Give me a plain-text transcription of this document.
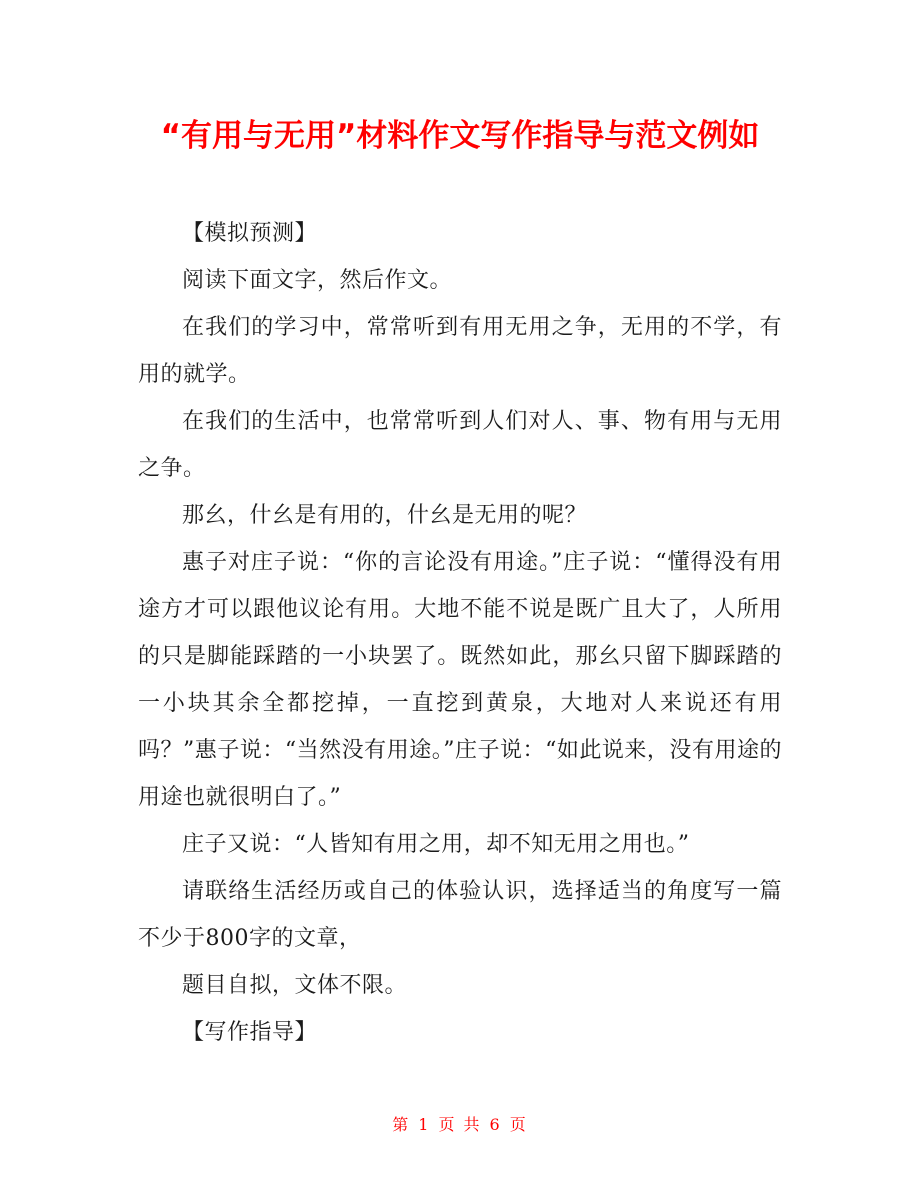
“有用与无用”材料作文写作指导与范文例如

【模拟预测】

阅读下面文字，然后作文。

在我们的学习中，常常听到有用无用之争，无用的不学，有用的就学。

在我们的生活中，也常常听到人们对人、事、物有用与无用之争。

那幺，什幺是有用的，什幺是无用的呢？

惠子对庄子说：“你的言论没有用途。”庄子说：“懂得没有用途方才可以跟他议论有用。大地不能不说是既广且大了，人所用的只是脚能踩踏的一小块罢了。既然如此，那幺只留下脚踩踏的一小块其余全都挖掉，一直挖到黄泉，大地对人来说还有用吗？”惠子说：“当然没有用途。”庄子说：“如此说来，没有用途的用途也就很明白了。”

庄子又说：“人皆知有用之用，却不知无用之用也。”

请联络生活经历或自己的体验认识，选择适当的角度写一篇不少于800字的文章，

题目自拟，文体不限。

【写作指导】

第 1 页 共 6 页
